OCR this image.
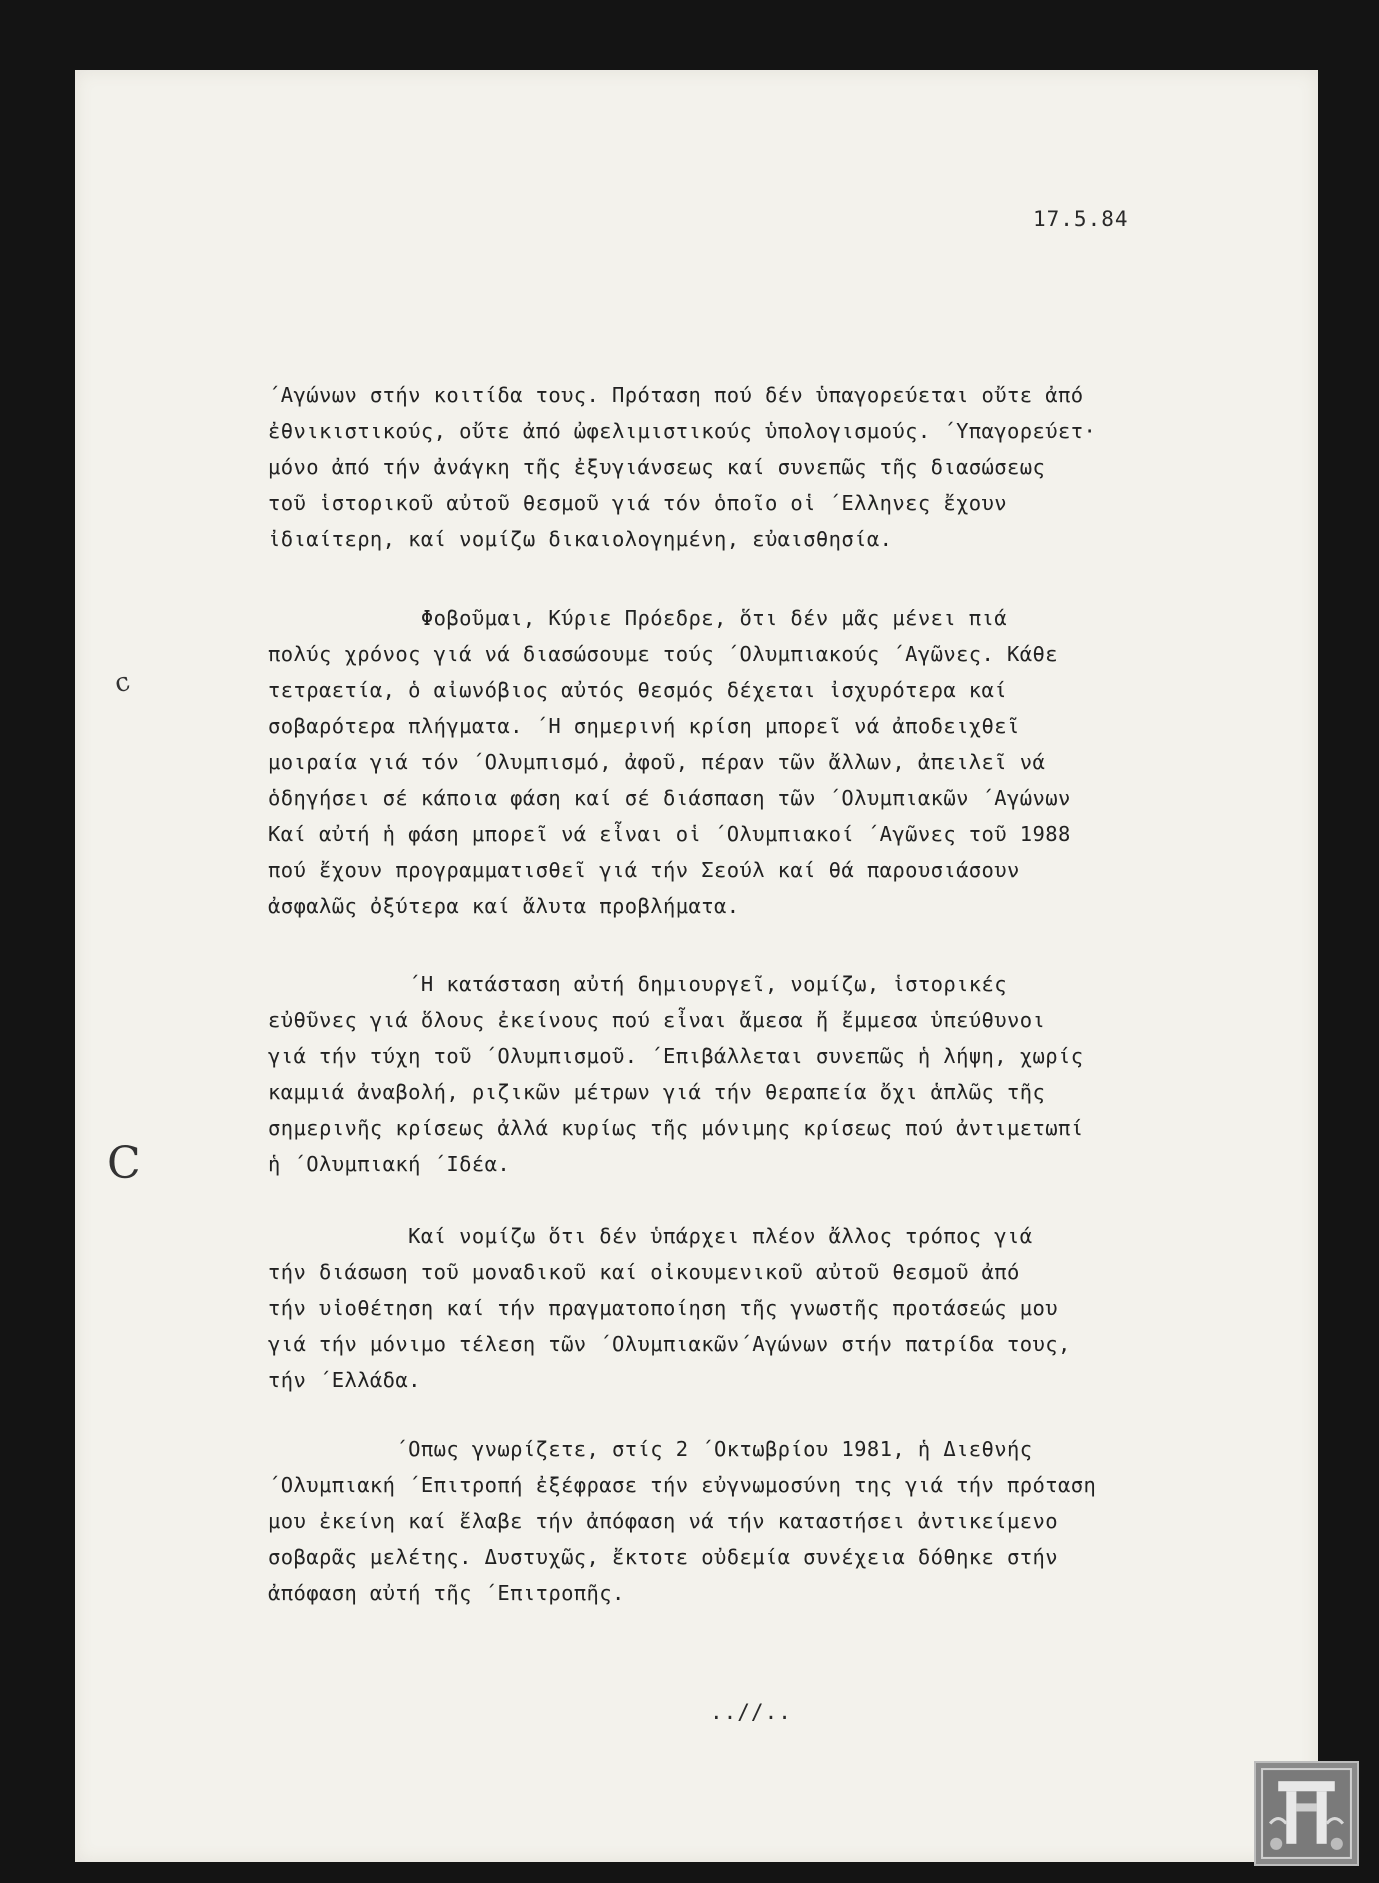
17.5.84

΄Αγώνων στήν κοιτίδα τους. Πρόταση πού δέν ὑπαγορεύεται οὔτε ἀπό
ἐθνικιστικούς, οὔτε ἀπό ὠφελιμιστικούς ὑπολογισμούς. ΄Υπαγορεύετ·
μόνο ἀπό τήν ἀνάγκη τῆς ἐξυγιάνσεως καί συνεπῶς τῆς διασώσεως
τοῦ ἱστορικοῦ αὐτοῦ θεσμοῦ γιά τόν ὁποῖο οἱ ΄Ελληνες ἔχουν
ἰδιαίτερη, καί νομίζω δικαιολογημένη, εὐαισθησία.

Φοβοῦμαι, Κύριε Πρόεδρε, ὅτι δέν μᾶς μένει πιά
πολύς χρόνος γιά νά διασώσουμε τούς ΄Ολυμπιακούς ΄Αγῶνες. Κάθε
τετραετία, ὁ αἰωνόβιος αὐτός θεσμός δέχεται ἰσχυρότερα καί
σοβαρότερα πλήγματα. ΄Η σημερινή κρίση μπορεῖ νά ἀποδειχθεῖ
μοιραία γιά τόν ΄Ολυμπισμό, ἀφοῦ, πέραν τῶν ἄλλων, ἀπειλεῖ νά
ὁδηγήσει σέ κάποια φάση καί σέ διάσπαση τῶν ΄Ολυμπιακῶν ΄Αγώνων
Καί αὐτή ἡ φάση μπορεῖ νά εἶναι οἱ ΄Ολυμπιακοί ΄Αγῶνες τοῦ 1988
πού ἔχουν προγραμματισθεῖ γιά τήν Σεούλ καί θά παρουσιάσουν
ἀσφαλῶς ὀξύτερα καί ἄλυτα προβλήματα.

΄Η κατάσταση αὐτή δημιουργεῖ, νομίζω, ἱστορικές
εὐθῦνες γιά ὅλους ἐκείνους πού εἶναι ἄμεσα ἤ ἔμμεσα ὑπεύθυνοι
γιά τήν τύχη τοῦ ΄Ολυμπισμοῦ. ΄Επιβάλλεται συνεπῶς ἡ λήψη, χωρίς
καμμιά ἀναβολή, ριζικῶν μέτρων γιά τήν θεραπεία ὄχι ἁπλῶς τῆς
σημερινῆς κρίσεως ἀλλά κυρίως τῆς μόνιμης κρίσεως πού ἀντιμετωπί
ἡ ΄Ολυμπιακή ΄Ιδέα.

Καί νομίζω ὅτι δέν ὑπάρχει πλέον ἄλλος τρόπος γιά
τήν διάσωση τοῦ μοναδικοῦ καί οἰκουμενικοῦ αὐτοῦ θεσμοῦ ἀπό
τήν υἱοθέτηση καί τήν πραγματοποίηση τῆς γνωστῆς προτάσεώς μου
γιά τήν μόνιμο τέλεση τῶν ΄Ολυμπιακῶν΄Αγώνων στήν πατρίδα τους,
τήν ΄Ελλάδα.

΄Οπως γνωρίζετε, στίς 2 ΄Οκτωβρίου 1981, ἡ Διεθνής
΄Ολυμπιακή ΄Επιτροπή ἐξέφρασε τήν εὐγνωμοσύνη της γιά τήν πρόταση
μου ἐκείνη καί ἔλαβε τήν ἀπόφαση νά τήν καταστήσει ἀντικείμενο
σοβαρᾶς μελέτης. Δυστυχῶς, ἔκτοτε οὐδεμία συνέχεια δόθηκε στήν
ἀπόφαση αὐτή τῆς ΄Επιτροπῆς.

..//..
ϲ
C
